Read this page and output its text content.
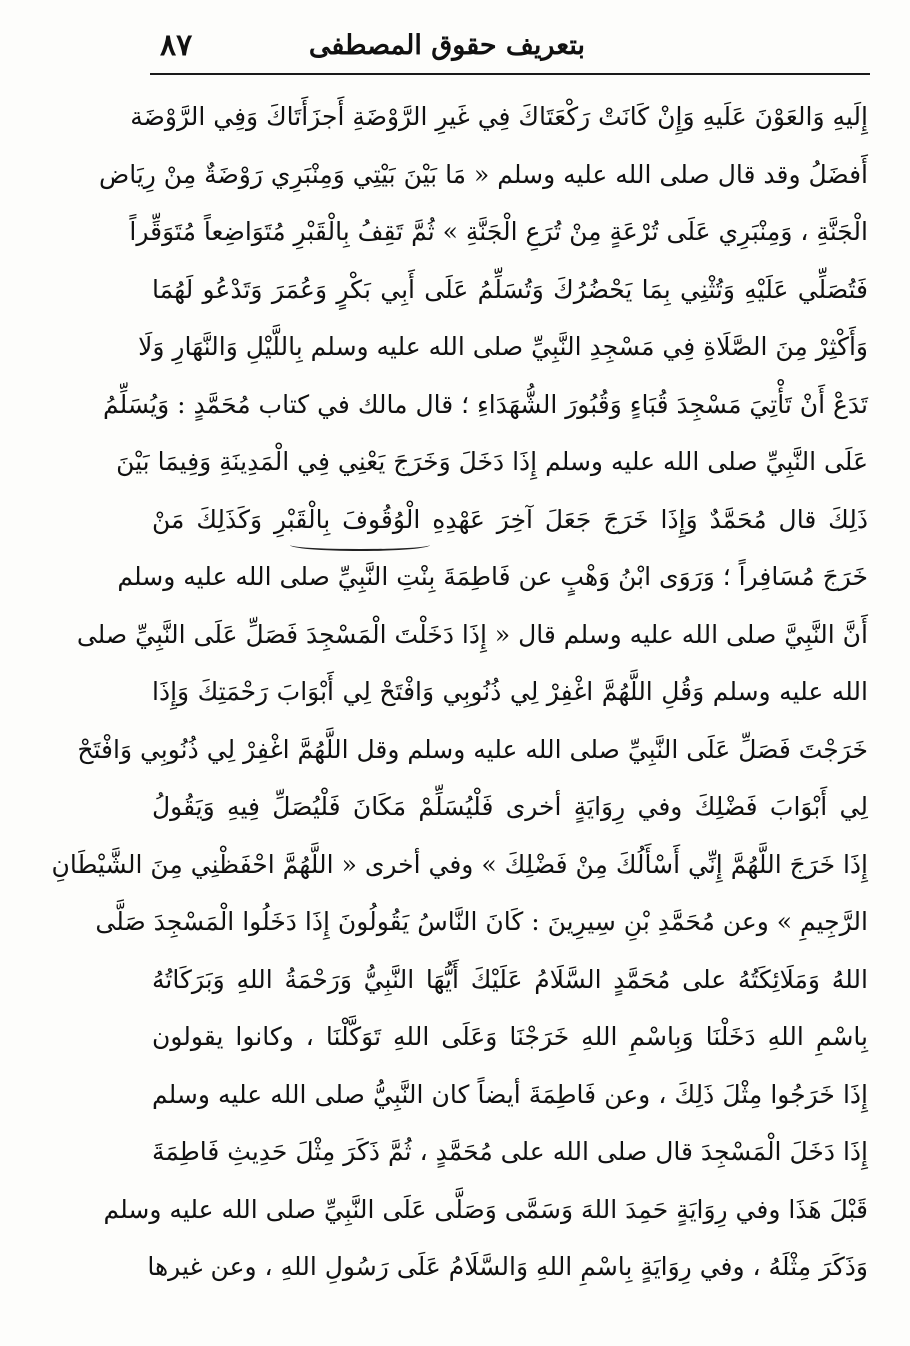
بتعريف حقوق المصطفى
٨٧
إِلَيهِ وَالعَوْنَ عَلَيهِ وَإِنْ كَانَتْ رَكْعَتَاكَ فِي غَيرِ الرَّوْضَةِ أَجزَأَتَاكَ وَفِي الرَّوْضَة
أَفضَلُ وقد قال صلى الله عليه وسلم « مَا بَيْنَ بَيْتِي وَمِنْبَرِي رَوْضَةٌ مِنْ رِيَاض
الْجَنَّةِ ، وَمِنْبَرِي عَلَى تُرْعَةٍ مِنْ تُرَعِ الْجَنَّةِ » ثُمَّ تَقِفُ بِالْقَبْرِ مُتَوَاضِعاً مُتَوَقِّراً
فَتُصَلِّي عَلَيْهِ وَتُثْنِي بِمَا يَحْضُرُكَ وَتُسَلِّمُ عَلَى أَبِي بَكْرٍ وَعُمَرَ وَتَدْعُو لَهُمَا
وَأَكْثِرْ مِنَ الصَّلَاةِ فِي مَسْجِدِ النَّبِيِّ صلى الله عليه وسلم بِاللَّيْلِ وَالنَّهَارِ وَلَا
تَدَعْ أَنْ تَأْتِيَ مَسْجِدَ قُبَاءٍ وَقُبُورَ الشُّهَدَاءِ ؛ قال مالك في كتاب مُحَمَّدٍ : وَيُسَلِّمُ
عَلَى النَّبِيِّ صلى الله عليه وسلم إِذَا دَخَلَ وَخَرَجَ يَعْنِي فِي الْمَدِينَةِ وَفِيمَا بَيْنَ
ذَلِكَ قال مُحَمَّدٌ وَإِذَا خَرَجَ جَعَلَ آخِرَ عَهْدِهِ الْوُقُوفَ بِالْقَبْرِ وَكَذَلِكَ مَنْ
خَرَجَ مُسَافِراً ؛ وَرَوَى ابْنُ وَهْبٍ عن فَاطِمَةَ بِنْتِ النَّبِيِّ صلى الله عليه وسلم
أَنَّ النَّبِيَّ صلى الله عليه وسلم قال « إِذَا دَخَلْتَ الْمَسْجِدَ فَصَلِّ عَلَى النَّبِيِّ صلى
الله عليه وسلم وَقُلِ اللَّهُمَّ اغْفِرْ لِي ذُنُوبِي وَافْتَحْ لِي أَبْوَابَ رَحْمَتِكَ وَإِذَا
خَرَجْتَ فَصَلِّ عَلَى النَّبِيِّ صلى الله عليه وسلم وقل اللَّهُمَّ اغْفِرْ لِي ذُنُوبِي وَافْتَحْ
لِي أَبْوَابَ فَضْلِكَ وفي رِوَايَةٍ أخرى فَلْيُسَلِّمْ مَكَانَ فَلْيُصَلِّ فِيهِ وَيَقُولُ
إِذَا خَرَجَ اللَّهُمَّ إِنِّي أَسْأَلُكَ مِنْ فَضْلِكَ » وفي أخرى « اللَّهُمَّ احْفَظْنِي مِنَ الشَّيْطَانِ
الرَّجِيمِ » وعن مُحَمَّدِ بْنِ سِيرِينَ : كَانَ النَّاسُ يَقُولُونَ إِذَا دَخَلُوا الْمَسْجِدَ صَلَّى
اللهُ وَمَلَائِكَتُهُ على مُحَمَّدٍ السَّلَامُ عَلَيْكَ أَيُّهَا النَّبِيُّ وَرَحْمَةُ اللهِ وَبَرَكَاتُهُ
بِاسْمِ اللهِ دَخَلْنَا وَبِاسْمِ اللهِ خَرَجْنَا وَعَلَى اللهِ تَوَكَّلْنَا ، وكانوا يقولون
إِذَا خَرَجُوا مِثْلَ ذَلِكَ ، وعن فَاطِمَةَ أيضاً كان النَّبِيُّ صلى الله عليه وسلم
إِذَا دَخَلَ الْمَسْجِدَ قال صلى الله على مُحَمَّدٍ ، ثُمَّ ذَكَرَ مِثْلَ حَدِيثِ فَاطِمَةَ
قَبْلَ هَذَا وفي رِوَايَةٍ حَمِدَ اللهَ وَسَمَّى وَصَلَّى عَلَى النَّبِيِّ صلى الله عليه وسلم
وَذَكَرَ مِثْلَهُ ، وفي رِوَايَةٍ بِاسْمِ اللهِ وَالسَّلَامُ عَلَى رَسُولِ اللهِ ، وعن غيرها
